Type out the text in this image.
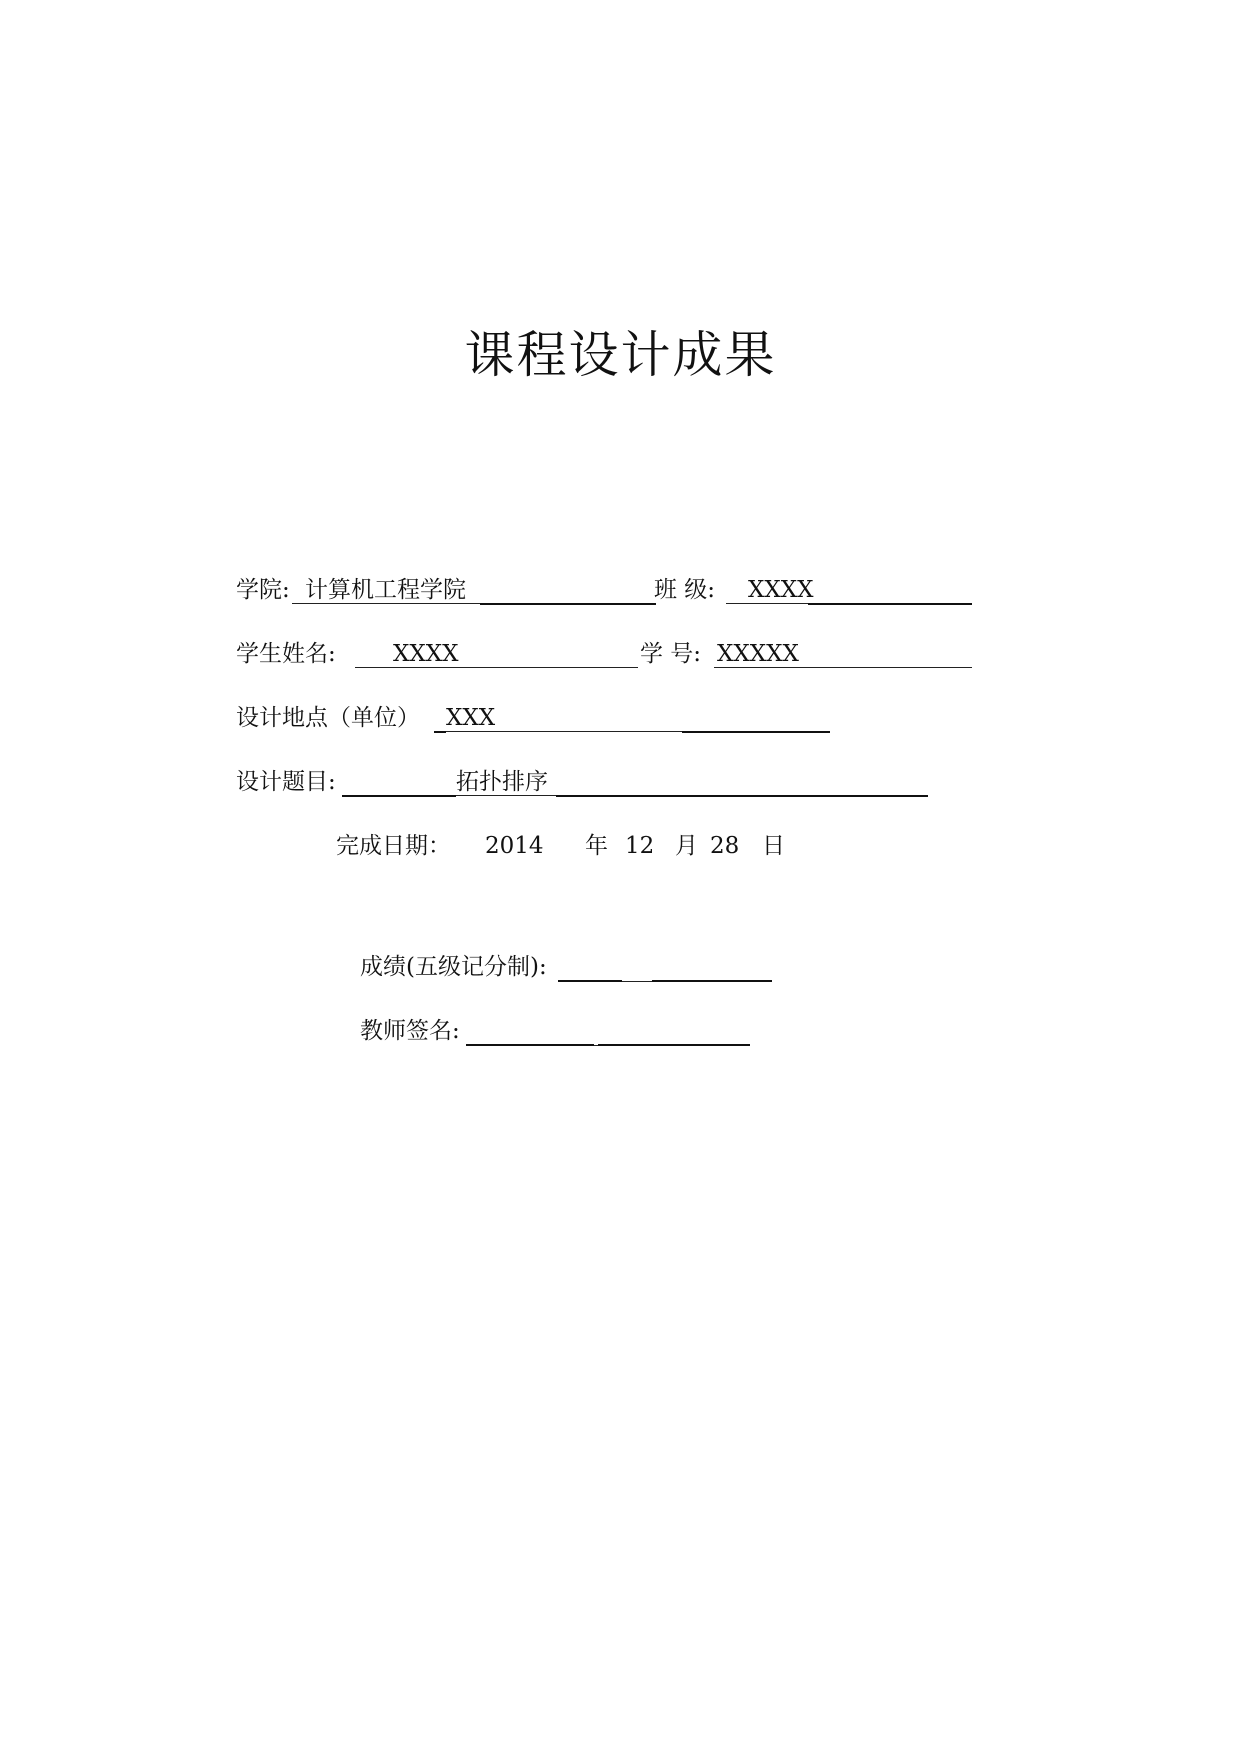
课程设计成果
学院: 计算机工程学院	班 级: XXXX
学生姓名: XXXX	学 号: XXXXX
设计地点（单位） XXX
设计题目:	拓扑排序
完成日期： 2014 年 12 月 28 日
成绩(五级记分制):
教师签名:
